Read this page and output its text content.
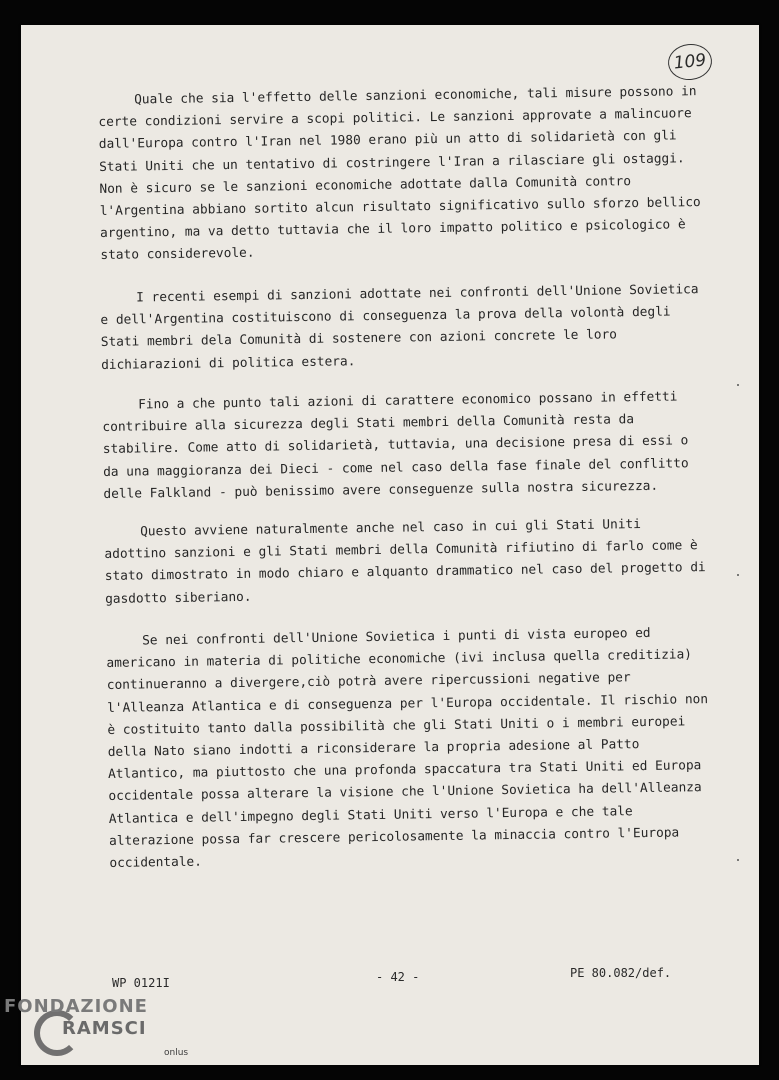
109
Quale che sia l'effetto delle sanzioni economiche, tali misure possono in
certe condizioni servire a scopi politici. Le sanzioni approvate a malincuore
dall'Europa contro l'Iran nel 1980 erano più un atto di solidarietà con gli
Stati Uniti che un tentativo di costringere l'Iran a rilasciare gli ostaggi.
Non è sicuro se le sanzioni economiche adottate dalla Comunità contro
l'Argentina abbiano sortito alcun risultato significativo sullo sforzo bellico
argentino, ma va detto tuttavia che il loro impatto politico e psicologico è
stato considerevole.
I recenti esempi di sanzioni adottate nei confronti dell'Unione Sovietica
e dell'Argentina costituiscono di conseguenza la prova della volontà degli
Stati membri dela Comunità di sostenere con azioni concrete le loro
dichiarazioni di politica estera.
Fino a che punto tali azioni di carattere economico possano in effetti
contribuire alla sicurezza degli Stati membri della Comunità resta da
stabilire. Come atto di solidarietà, tuttavia, una decisione presa di essi o
da una maggioranza dei Dieci - come nel caso della fase finale del conflitto
delle Falkland - può benissimo avere conseguenze sulla nostra sicurezza.
Questo avviene naturalmente anche nel caso in cui gli Stati Uniti
adottino sanzioni e gli Stati membri della Comunità rifiutino di farlo come è
stato dimostrato in modo chiaro e alquanto drammatico nel caso del progetto di
gasdotto siberiano.
Se nei confronti dell'Unione Sovietica i punti di vista europeo ed
americano in materia di politiche economiche (ivi inclusa quella creditizia)
continueranno a divergere,ciò potrà avere ripercussioni negative per
l'Alleanza Atlantica e di conseguenza per l'Europa occidentale. Il rischio non
è costituito tanto dalla possibilità che gli Stati Uniti o i membri europei
della Nato siano indotti a riconsiderare la propria adesione al Patto
Atlantico, ma piuttosto che una profonda spaccatura tra Stati Uniti ed Europa
occidentale possa alterare la visione che l'Unione Sovietica ha dell'Alleanza
Atlantica e dell'impegno degli Stati Uniti verso l'Europa e che tale
alterazione possa far crescere pericolosamente la minaccia contro l'Europa
occidentale.
WP 0121I	- 42 -	PE 80.082/def.
FONDAZIONE
RAMSCI
onlus
